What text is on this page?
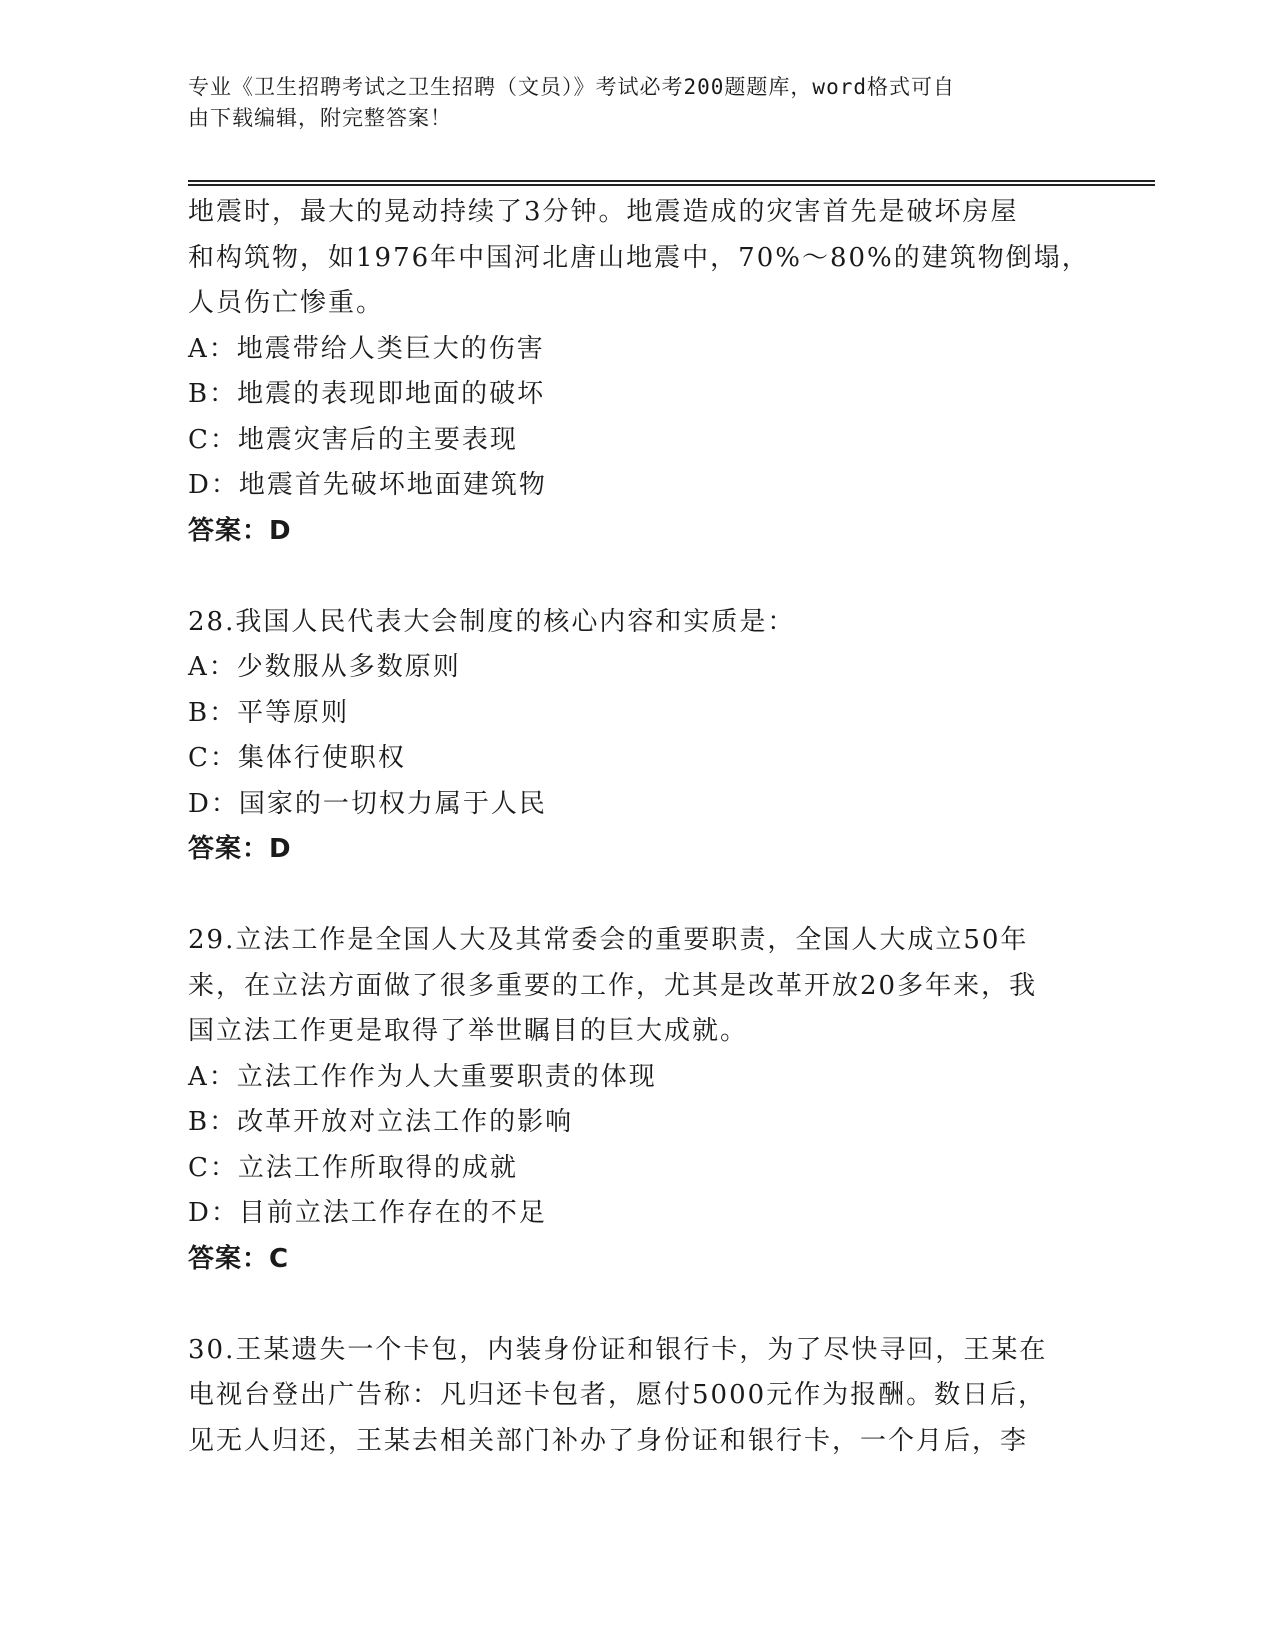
专业《卫生招聘考试之卫生招聘（文员）》考试必考200题题库，word格式可自
由下载编辑，附完整答案！
地震时，最大的晃动持续了3分钟。地震造成的灾害首先是破坏房屋
和构筑物，如1976年中国河北唐山地震中，70%～80%的建筑物倒塌，
人员伤亡惨重。
A：地震带给人类巨大的伤害
B：地震的表现即地面的破坏
C：地震灾害后的主要表现
D：地震首先破坏地面建筑物
答案：D
28.我国人民代表大会制度的核心内容和实质是：
A：少数服从多数原则
B：平等原则
C：集体行使职权
D：国家的一切权力属于人民
答案：D
29.立法工作是全国人大及其常委会的重要职责，全国人大成立50年
来，在立法方面做了很多重要的工作，尤其是改革开放20多年来，我
国立法工作更是取得了举世瞩目的巨大成就。
A：立法工作作为人大重要职责的体现
B：改革开放对立法工作的影响
C：立法工作所取得的成就
D：目前立法工作存在的不足
答案：C
30.王某遗失一个卡包，内装身份证和银行卡，为了尽快寻回，王某在
电视台登出广告称：凡归还卡包者，愿付5000元作为报酬。数日后，
见无人归还，王某去相关部门补办了身份证和银行卡，一个月后，李
